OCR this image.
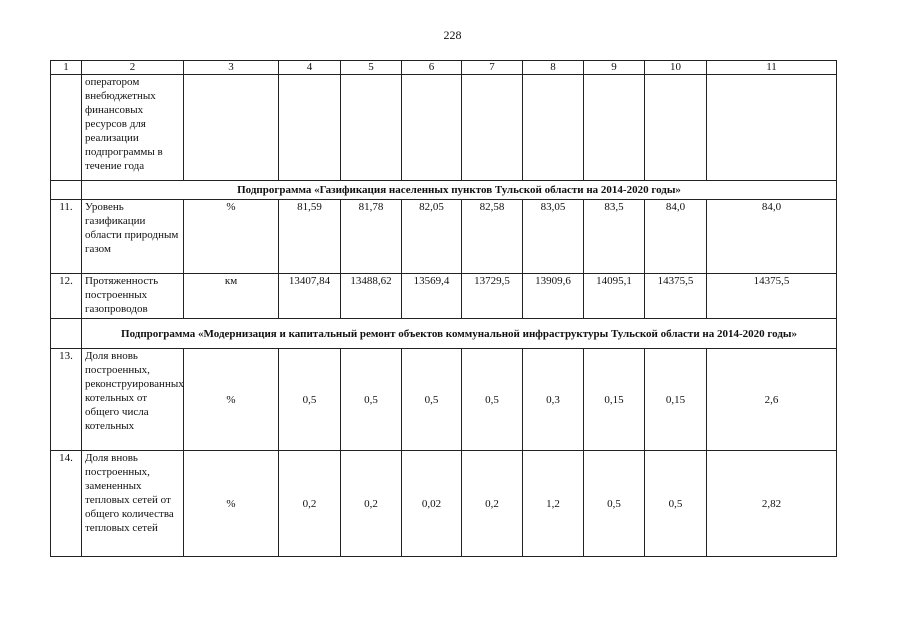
228
1	2	3	4	5	6	7	8	9	10	11
	оператором внебюджетных финансовых ресурсов для реализации подпрограммы в течение года									
	Подпрограмма «Газификация населенных пунктов Тульской области на 2014-2020 годы»									
11.	Уровень газификации области природным газом	%	81,59	81,78	82,05	82,58	83,05	83,5	84,0	84,0
12.	Протяженность построенных газопроводов	км	13407,84	13488,62	13569,4	13729,5	13909,6	14095,1	14375,5	14375,5
	Подпрограмма «Модернизация и капитальный ремонт объектов коммунальной инфраструктуры Тульской области на 2014-2020 годы»									
13.	Доля вновь построенных, реконструированных котельных от общего числа котельных	%	0,5	0,5	0,5	0,5	0,3	0,15	0,15	2,6
14.	Доля вновь построенных, замененных тепловых сетей от общего количества тепловых сетей	%	0,2	0,2	0,02	0,2	1,2	0,5	0,5	2,82
